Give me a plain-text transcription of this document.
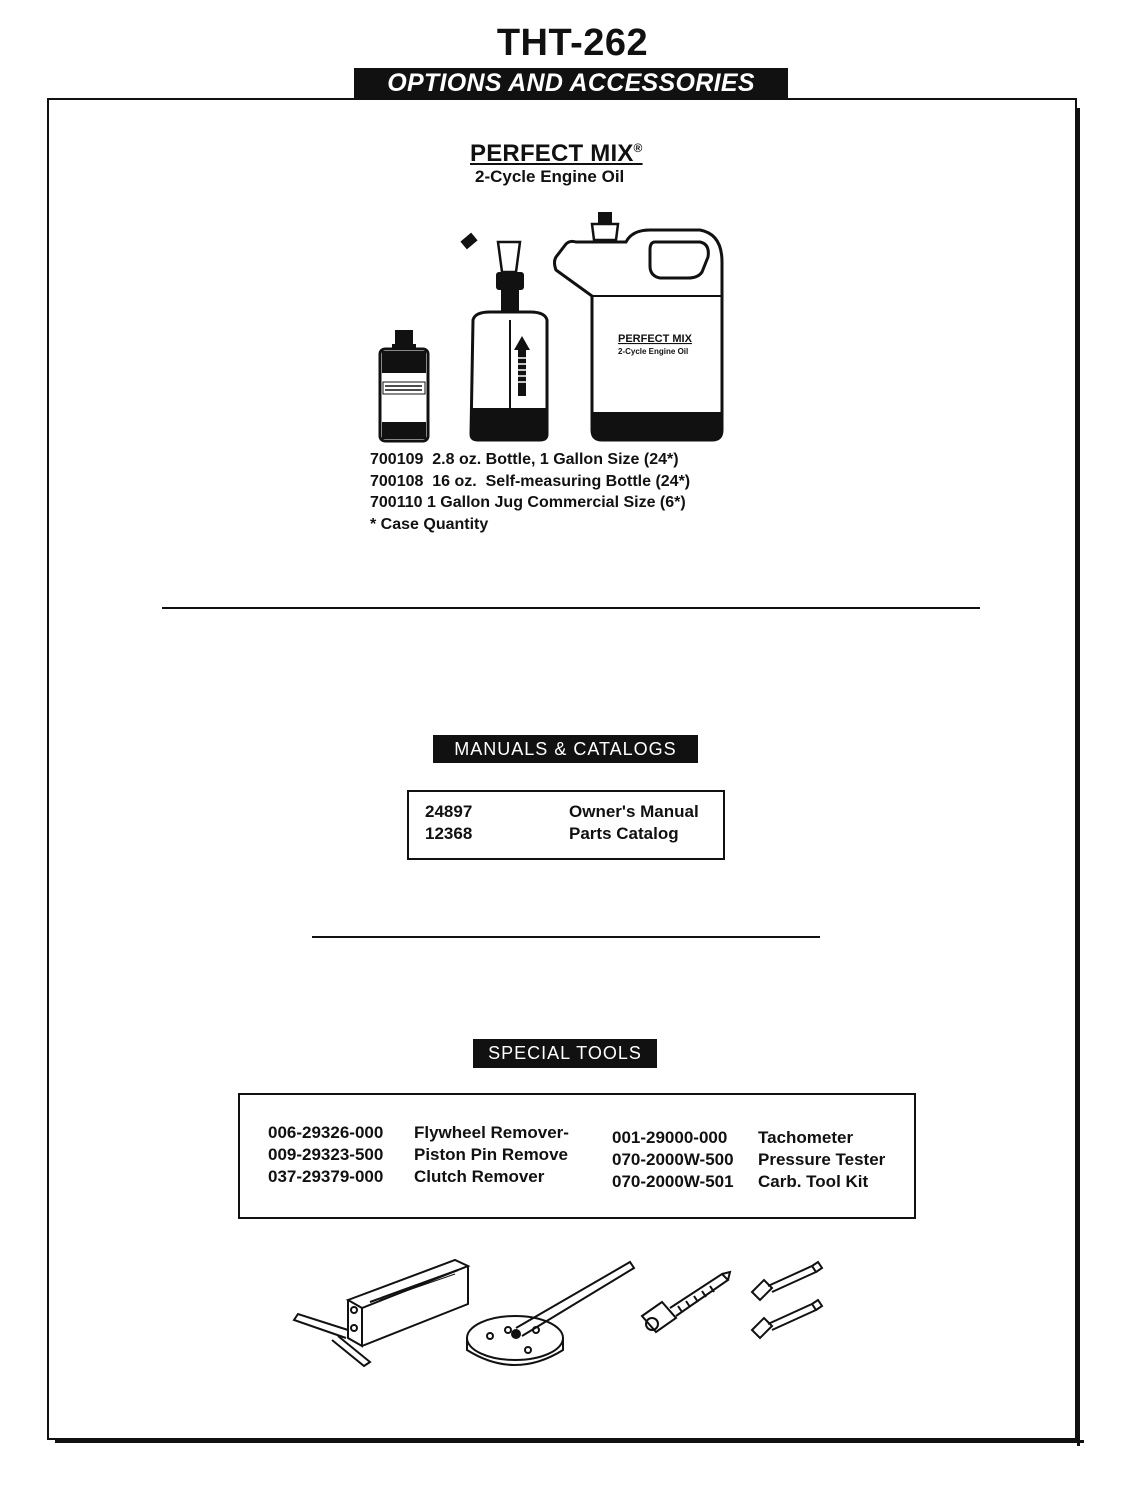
THT-262
OPTIONS AND ACCESSORIES
PERFECT MIX®
2-Cycle Engine Oil
PERFECT MIX
2-Cycle Engine Oil
700109  2.8 oz. Bottle, 1 Gallon Size (24*)
700108  16 oz.  Self-measuring Bottle (24*)
700110 1 Gallon Jug Commercial Size (6*)
* Case Quantity
MANUALS & CATALOGS
24897	Owner's Manual
12368	Parts Catalog
SPECIAL TOOLS
006-29326-000 Flywheel Remover-
009-29323-500 Piston Pin Remove
037-29379-000 Clutch Remover
001-29000-000 Tachometer
070-2000W-500 Pressure Tester
070-2000W-501 Carb. Tool Kit
